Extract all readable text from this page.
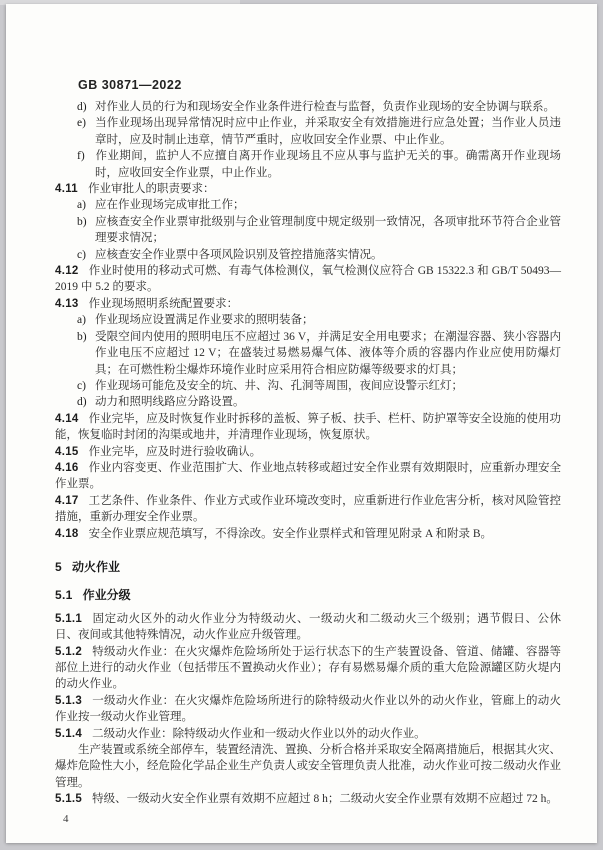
GB 30871—2022
d) 对作业人员的行为和现场安全作业条件进行检查与监督，负责作业现场的安全协调与联系。
e) 当作业现场出现异常情况时应中止作业，并采取安全有效措施进行应急处置；当作业人员违章时，应及时制止违章，情节严重时，应收回安全作业票、中止作业。
f) 作业期间，监护人不应擅自离开作业现场且不应从事与监护无关的事。确需离开作业现场时，应收回安全作业票，中止作业。
4.11 作业审批人的职责要求：
a) 应在作业现场完成审批工作；
b) 应核查安全作业票审批级别与企业管理制度中规定级别一致情况，各项审批环节符合企业管理要求情况；
c) 应核查安全作业票中各项风险识别及管控措施落实情况。
4.12 作业时使用的移动式可燃、有毒气体检测仪，氧气检测仪应符合 GB 15322.3 和 GB/T 50493—2019 中 5.2 的要求。
4.13 作业现场照明系统配置要求：
a) 作业现场应设置满足作业要求的照明装备；
b) 受限空间内使用的照明电压不应超过 36 V，并满足安全用电要求；在潮湿容器、狭小容器内作业电压不应超过 12 V；在盛装过易燃易爆气体、液体等介质的容器内作业应使用防爆灯具；在可燃性粉尘爆炸环境作业时应采用符合相应防爆等级要求的灯具；
c) 作业现场可能危及安全的坑、井、沟、孔洞等周围，夜间应设警示红灯；
d) 动力和照明线路应分路设置。
4.14 作业完毕，应及时恢复作业时拆移的盖板、箅子板、扶手、栏杆、防护罩等安全设施的使用功能，恢复临时封闭的沟渠或地井，并清理作业现场，恢复原状。
4.15 作业完毕，应及时进行验收确认。
4.16 作业内容变更、作业范围扩大、作业地点转移或超过安全作业票有效期限时，应重新办理安全作业票。
4.17 工艺条件、作业条件、作业方式或作业环境改变时，应重新进行作业危害分析，核对风险管控措施，重新办理安全作业票。
4.18 安全作业票应规范填写，不得涂改。安全作业票样式和管理见附录 A 和附录 B。
5 动火作业
5.1 作业分级
5.1.1 固定动火区外的动火作业分为特级动火、一级动火和二级动火三个级别；遇节假日、公休日、夜间或其他特殊情况，动火作业应升级管理。
5.1.2 特级动火作业：在火灾爆炸危险场所处于运行状态下的生产装置设备、管道、储罐、容器等部位上进行的动火作业（包括带压不置换动火作业）；存有易燃易爆介质的重大危险源罐区防火堤内的动火作业。
5.1.3 一级动火作业：在火灾爆炸危险场所进行的除特级动火作业以外的动火作业，管廊上的动火作业按一级动火作业管理。
5.1.4 二级动火作业：除特级动火作业和一级动火作业以外的动火作业。
生产装置或系统全部停车，装置经清洗、置换、分析合格并采取安全隔离措施后，根据其火灾、爆炸危险性大小，经危险化学品企业生产负责人或安全管理负责人批准，动火作业可按二级动火作业管理。
5.1.5 特级、一级动火安全作业票有效期不应超过 8 h；二级动火安全作业票有效期不应超过 72 h。
4
